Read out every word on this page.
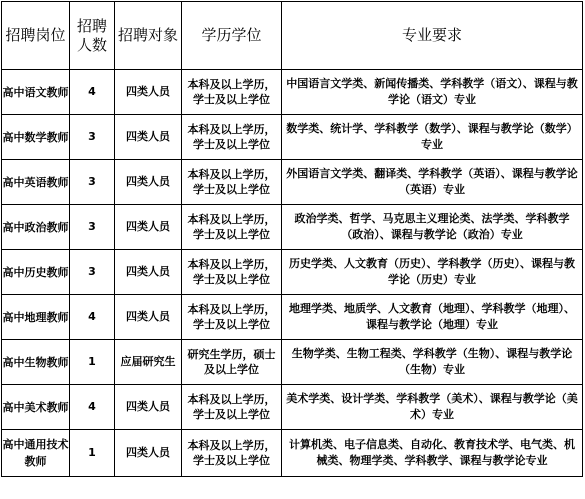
招聘岗位	招聘人数	招聘对象	学历学位	专业要求
高中语文教师	4	四类人员	本科及以上学历，学士及以上学位	中国语言文学类、新闻传播类、学科教学（语文）、课程与教学论（语文）专业
高中数学教师	3	四类人员	本科及以上学历，学士及以上学位	数学类、统计学、学科教学（数学）、课程与教学论（数学）专业
高中英语教师	3	四类人员	本科及以上学历，学士及以上学位	外国语言文学类、翻译类、学科教学（英语）、课程与教学论（英语）专业
高中政治教师	3	四类人员	本科及以上学历，学士及以上学位	政治学类、哲学、马克思主义理论类、法学类、学科教学（政治）、课程与教学论（政治）专业
高中历史教师	3	四类人员	本科及以上学历，学士及以上学位	历史学类、人文教育（历史）、学科教学（历史）、课程与教学论（历史）专业
高中地理教师	4	四类人员	本科及以上学历，学士及以上学位	地理学类、地质学、人文教育（地理）、学科教学（地理）、课程与教学论（地理）专业
高中生物教师	1	应届研究生	研究生学历，硕士及以上学位	生物学类、生物工程类、学科教学（生物）、课程与教学论（生物）专业
高中美术教师	4	四类人员	本科及以上学历，学士及以上学位	美术学类、设计学类、学科教学（美术）、课程与教学论（美术）专业
高中通用技术教师	1	四类人员	本科及以上学历，学士及以上学位	计算机类、电子信息类、自动化、教育技术学、电气类、机械类、物理学类、学科教学、课程与教学论专业
